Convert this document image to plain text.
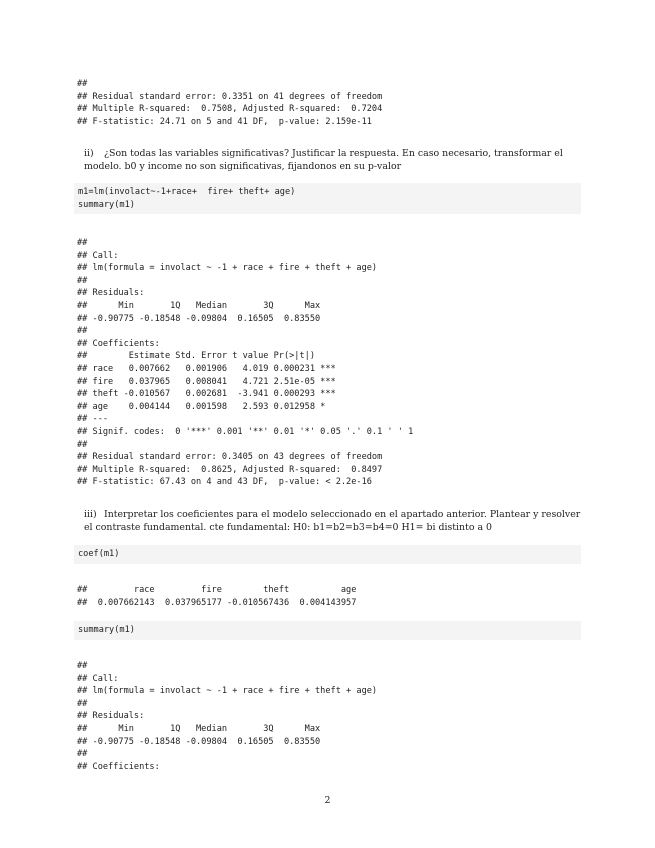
##
## Residual standard error: 0.3351 on 41 degrees of freedom
## Multiple R-squared:  0.7508, Adjusted R-squared:  0.7204
## F-statistic: 24.71 on 5 and 41 DF,  p-value: 2.159e-11
ii) ¿Son todas las variables significativas? Justificar la respuesta. En caso necesario, transformar el modelo. b0 y income no son significativas, fijandonos en su p-valor
m1=lm(involact~-1+race+  fire+ theft+ age)
summary(m1)
##
## Call:
## lm(formula = involact ~ -1 + race + fire + theft + age)
##
## Residuals:
##      Min       1Q   Median       3Q      Max
## -0.90775 -0.18548 -0.09804  0.16505  0.83550
##
## Coefficients:
##        Estimate Std. Error t value Pr(>|t|)
## race   0.007662   0.001906   4.019 0.000231 ***
## fire   0.037965   0.008041   4.721 2.51e-05 ***
## theft -0.010567   0.002681  -3.941 0.000293 ***
## age    0.004144   0.001598   2.593 0.012958 *
## ---
## Signif. codes:  0 '***' 0.001 '**' 0.01 '*' 0.05 '.' 0.1 ' ' 1
##
## Residual standard error: 0.3405 on 43 degrees of freedom
## Multiple R-squared:  0.8625, Adjusted R-squared:  0.8497
## F-statistic: 67.43 on 4 and 43 DF,  p-value: < 2.2e-16
iii) Interpretar los coeficientes para el modelo seleccionado en el apartado anterior. Plantear y resolver el contraste fundamental. cte fundamental: H0: b1=b2=b3=b4=0 H1= bi distinto a 0
coef(m1)
##         race         fire        theft          age
##  0.007662143  0.037965177 -0.010567436  0.004143957
summary(m1)
##
## Call:
## lm(formula = involact ~ -1 + race + fire + theft + age)
##
## Residuals:
##      Min       1Q   Median       3Q      Max
## -0.90775 -0.18548 -0.09804  0.16505  0.83550
##
## Coefficients:
2
